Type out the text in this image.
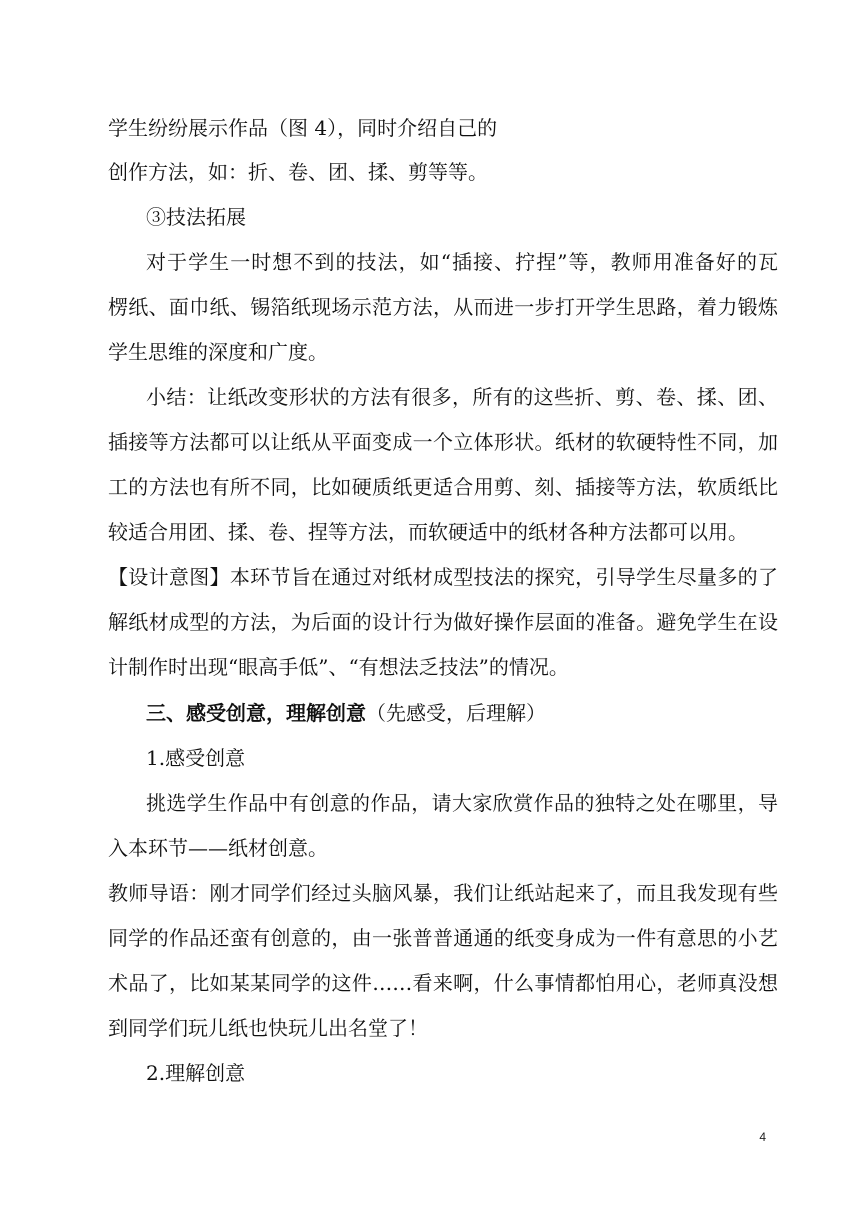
学生纷纷展示作品（图 4），同时介绍自己的
创作方法，如：折、卷、团、揉、剪等等。
③技法拓展
对于学生一时想不到的技法，如“插接、拧捏”等，教师用准备好的瓦
楞纸、面巾纸、锡箔纸现场示范方法，从而进一步打开学生思路，着力锻炼
学生思维的深度和广度。
小结：让纸改变形状的方法有很多，所有的这些折、剪、卷、揉、团、
插接等方法都可以让纸从平面变成一个立体形状。纸材的软硬特性不同，加
工的方法也有所不同，比如硬质纸更适合用剪、刻、插接等方法，软质纸比
较适合用团、揉、卷、捏等方法，而软硬适中的纸材各种方法都可以用。
【设计意图】本环节旨在通过对纸材成型技法的探究，引导学生尽量多的了
解纸材成型的方法，为后面的设计行为做好操作层面的准备。避免学生在设
计制作时出现“眼高手低”、“有想法乏技法”的情况。
三、感受创意，理解创意（先感受，后理解）
1.感受创意
挑选学生作品中有创意的作品，请大家欣赏作品的独特之处在哪里，导
入本环节——纸材创意。
教师导语：刚才同学们经过头脑风暴，我们让纸站起来了，而且我发现有些
同学的作品还蛮有创意的，由一张普普通通的纸变身成为一件有意思的小艺
术品了，比如某某同学的这件……看来啊，什么事情都怕用心，老师真没想
到同学们玩儿纸也快玩儿出名堂了！
2.理解创意
4
